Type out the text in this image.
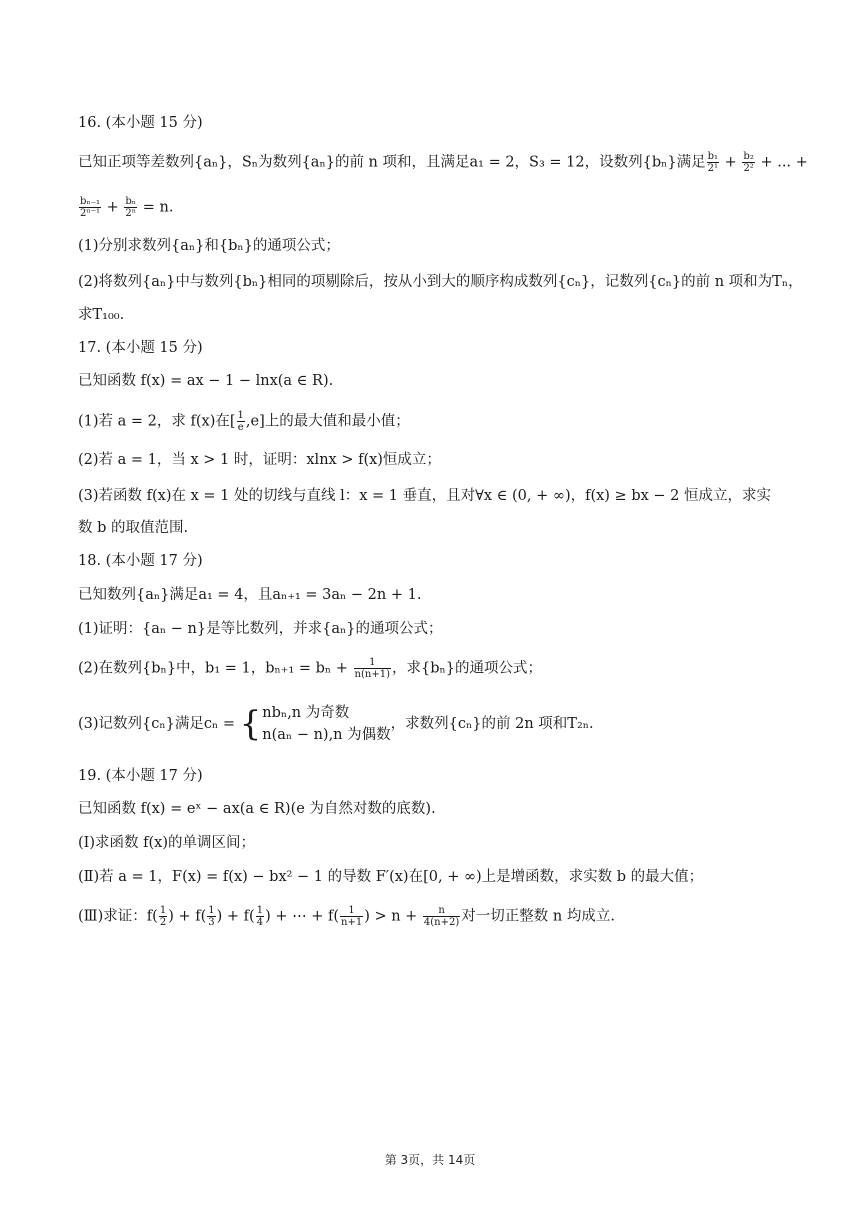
16. (本小题 15 分)
已知正项等差数列{aₙ}，Sₙ为数列{aₙ}的前 n 项和，且满足a₁ = 2，S₃ = 12，设数列{bₙ}满足 $\frac{\text{b₁}}{\text{2¹}} + \frac{\text{b₂}}{\text{2²}}$ + ... +
$\frac{\text{bₙ₋₁}}{\text{2ⁿ⁻¹}} + \frac{\text{bₙ}}{\text{2ⁿ}} = n$.
(1)分别求数列{aₙ}和{bₙ}的通项公式；
(2)将数列{aₙ}中与数列{bₙ}相同的项剔除后，按从小到大的顺序构成数列{cₙ}，记数列{cₙ}的前 n 项和为Tₙ，
求T₁₀₀.
17. (本小题 15 分)
已知函数 f(x) = ax − 1 − lnx(a ∈ R).
(1)若 a = 2，求 f(x)在[ $\frac{1}{e} ,e$]上的最大值和最小值；
(2)若 a = 1，当 x > 1 时，证明：xlnx > f(x)恒成立；
(3)若函数 f(x)在 x = 1 处的切线与直线 l：x = 1 垂直，且对∀x ∈ (0, + ∞)，f(x) ≥ bx − 2 恒成立，求实
数 b 的取值范围.
18. (本小题 17 分)
已知数列{aₙ}满足a₁ = 4，且aₙ₊₁ = 3aₙ − 2n + 1.
(1)证明：{aₙ − n}是等比数列，并求{aₙ}的通项公式；
(2)在数列{bₙ}中，b₁ = 1，$b_{n+1} = b_n + \frac{1}{n(n+1)}$ ，求{bₙ}的通项公式；
(3)记数列{cₙ}满足cₙ = { nbₙ,n 为奇数
n(aₙ − n),n 为偶数
，求数列{cₙ}的前 2n 项和T₂ₙ.
19. (本小题 17 分)
已知函数 f(x) = eˣ − ax(a ∈ R)(e 为自然对数的底数).
(Ⅰ)求函数 f(x)的单调区间；
(Ⅱ)若 a = 1，F(x) = f(x) − bx² − 1 的导数 F′(x)在[0, + ∞)上是增函数，求实数 b 的最大值；
(Ⅲ)求证：$f( \frac{1}{2}$ ) + $f( \frac{1}{3}$ ) + $f( \frac{1}{4}$ ) + ⋯ + $f( \frac{1}{n+1}$ ) > $n + \frac{n}{4(n+2)}$ 对一切正整数 n 均成立.
第 3页，共 14页
